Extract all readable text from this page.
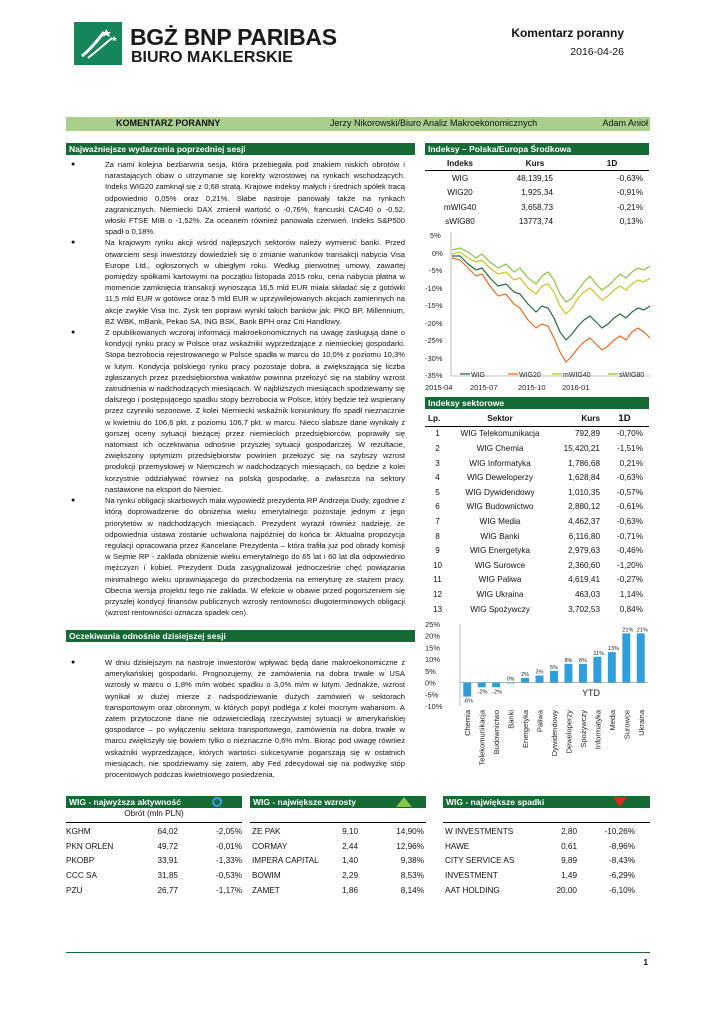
BGŻ BNP PARIBAS
BIURO MAKLERSKIE
Komentarz poranny
2016-04-26
KOMENTARZ PORANNY	Jerzy Nikorowski/Biuro Analiz Makroekonomicznych	Adam Anioł
Najważniejsze wydarzenia poprzedniej sesji
●	Za nami kolejna bezbarwna sesja, która przebiegała pod znakiem niskich obrotów i narastających obaw o utrzymanie się korekty wzrostowej na rynkach wschodzących. Indeks WIG20 zamknął się z 0,68 stratą. Krajowe indeksy małych i średnich spółek tracą odpowiednio 0,05% oraz 0,21%. Słabe nastroje panowały także na rynkach zagranicznych. Niemiecki DAX zmienił wartość o -0,76%, francuski CAC40 o -0,52, włoski FTSE MIB o -1,52%. Za oceanem również panowała czerwień. Indeks S&P500 spadł o 0,18%.
●	Na krajowym rynku akcji wśród najlepszych sektorów należy wymienić banki. Przed otwarciem sesji inwestorzy dowiedzieli się o zmianie warunków transakcji nabycia Visa Europe Ltd., ogłoszonych w ubiegłym roku. Według pierwotnej umowy, zawartej pomiędzy spółkami kartowymi na początku listopada 2015 roku, cena nabycia płatna w momencie zamknięcia transakcji wynosząca 16,5 mld EUR miała składać się z gotówki 11,5 mld EUR w gotówce oraz 5 mld EUR w uprzywilejowanych akcjach zamiennych na akcje zwykłe Visa Inc. Zysk ten poprawi wyniki takich banków jak: PKO BP, Millennium, BZ WBK, mBank, Pekao SA, ING BSK, Bank BPH oraz Citi Handlowy.
●	Z opublikowanych wczoraj informacji makroekonomicznych na uwagę zasługują dane o kondycji rynku pracy w Polsce oraz wskaźniki wyprzedzające z niemieckiej gospodarki. Stopa bezrobocia rejestrowanego w Polsce spadła w marcu do 10,0% z poziomu 10,3% w lutym. Kondycja polskiego rynku pracy pozostaje dobra, a zwiększająca się liczba zgłaszanych przez przedsiębiorstwa wakatów powinna przełożyć się na stabilny wzrost zatrudnienia w nadchodzących miesiącach. W najbliższych miesiącach spodziewamy się dalszego i postępującego spadku stopy bezrobocia w Polsce, który będzie też wspierany przez czynniki sezonowe. Z kolei Niemiecki wskaźnik koniunktury Ifo spadł nieznacznie w kwietniu do 106,6 pkt. z poziomu 106,7 pkt. w marcu. Nieco słabsze dane wynikały z gorszej oceny sytuacji bieżącej przez niemieckich przedsiębiorców, poprawiły się natomiast ich oczekiwania odnośnie przyszłej sytuacji gospodarczej. W rezultacie, zwiększony optymizm przedsiębiorstw powinien przełożyć się na szybszy wzrost produkcji przemysłowej w Niemczech w nadchodzących miesiącach, co będzie z kolei korzystnie oddziaływać również na polską gospodarkę, a zwłaszcza na sektory nastawione na eksport do Niemiec.
●	Na rynku obligacji skarbowych mała wypowiedź prezydenta RP Andrzeja Dudy, zgodnie z którą doprowadzenie do obniżenia wieku emerytalnego pozostaje jednym z jego priorytetów w nadchodzących miesiącach. Prezydent wyraził również nadzieję, że odpowiednia ustawa zostanie uchwalona najpóźniej do końca br. Aktualna propozycja regulacji opracowana przez Kancelarie Prezydenta – która trafiła już pod obrady komisji w Sejmie RP - zakłada obniżenie wieku emerytalnego do 65 lat i 60 lat dla odpowiednio mężczyzn i kobiet. Prezydent Duda zasygnalizował jednocześnie chęć powiązania minimalnego wieku uprawniającego do przechodzenia na emeryturę ze stażem pracy. Obecna wersja projektu tego nie zakłada. W efekcie w obawie przed pogorszeniem się przyszłej kondycji finansów publicznych wzrosły rentowności długoterminowych obligacji (wzrost rentowności oznacza spadek cen).
Oczekiwania odnośnie dzisiejszej sesji
●	W dniu dzisiejszym na nastroje inwestorów wpływać będą dane makroekonomiczne z amerykańskiej gospodarki. Prognozujemy, że zamówienia na dobra trwałe w USA wzrosły w marcu o 1,8% m/m wobec spadku o 3,0% m/m w lutym. Jednakże, wzrost wynikał w dużej mierze z nadspodziewanie dużych zamówień w sektorach transportowym oraz obronnym, w których popyt podlega z kolei mocnym wahaniom. A zatem przytoczone dane nie odzwierciedlają rzeczywistej sytuacji w amerykańskiej gospodarce – po wyłączeniu sektora transportowego, zamówienia na dobra trwałe w marcu zwiększyły się bowiem tylko o nieznaczne 0,6% m/m. Biorąc pod uwagę również wskaźniki wyprzedzające, których wartości sukcesywnie pogarszają się w ostatnich miesiącach, nie spodziewamy się zatem, aby Fed zdecydował się na podwyżkę stóp procentowych podczas kwietniowego posiedzenia.
Indeksy – Polska/Europa Środkowa
Indeks	Kurs	1D
WIG	48,139,15	-0,63%
WIG20	1,925,34	-0,91%
mWIG40	3,658,73	-0,21%
sWIG80	13773,74	0,13%
5%
0%
-5%
-10%
-15%
-20%
-25%
-30%
-35%
2015-04 2015-07	2015-10 2016-01
WIG	WIG20	mWIG40	sWIG80
Indeksy sektorowe
Lp.	Sektor	Kurs	1D
1	WIG Telekomunikacja	792,89	-0,70%
2	WIG Chemia	15,420,21	-1,51%
3	WIG Informatyka	1,786,68	0,21%
4	WIG Deweloperzy	1,628,84	-0,63%
5	WIG Dywidendowy	1,010,35	-0,57%
6	WIG Budownictwo	2,880,12	-0,61%
7	WIG Media	4,462,37	-0,63%
8	WIG Banki	6,116,80	-0,71%
9	WIG Energetyka	2,979,63	-0,46%
10	WIG Surowce	2,360,60	-1,20%
11	WIG Paliwa	4,619,41	-0,27%
12	WIG Ukraina	463,03	1,14%
13	WIG Spożywczy	3,702,53	0,84%
25%
20%
15%
10%
5%
0%
-5%
-10%
-6%
-2% -2%
0%
2% 3%
5%
8% 8%
11%
13%
21% 21%
Chemia Telekomunikacja Budownictwo Banki Energetyka Paliwa Dywidendowy Deweloperzy Spożywczy Informatyka Media Surowce Ukraina
YTD
WIG - najwyższa aktywność	WIG - największe wzrosty	WIG - największe spadki
Obrót (mln PLN)
KGHM	64,02	-2,05%
PKN ORLEN	49,72	-0,01%
PKOBP	33,91	-1,33%
CCC SA	31,85	-0,53%
PZU	26,77	-1,17%
ZE PAK	9,10	14,90%
CORMAY	2,44	12,96%
IMPERA CAPITAL	1,40	9,38%
BOWIM	2,29	8,53%
ZAMET	1,86	8,14%
W INVESTMENTS	2,80	-10,26%
HAWE	0,61	-8,96%
CITY SERVICE AS	9,89	-8,43%
INVESTMENT	1,49	-6,29%
AAT HOLDING	20,00	-6,10%
1
